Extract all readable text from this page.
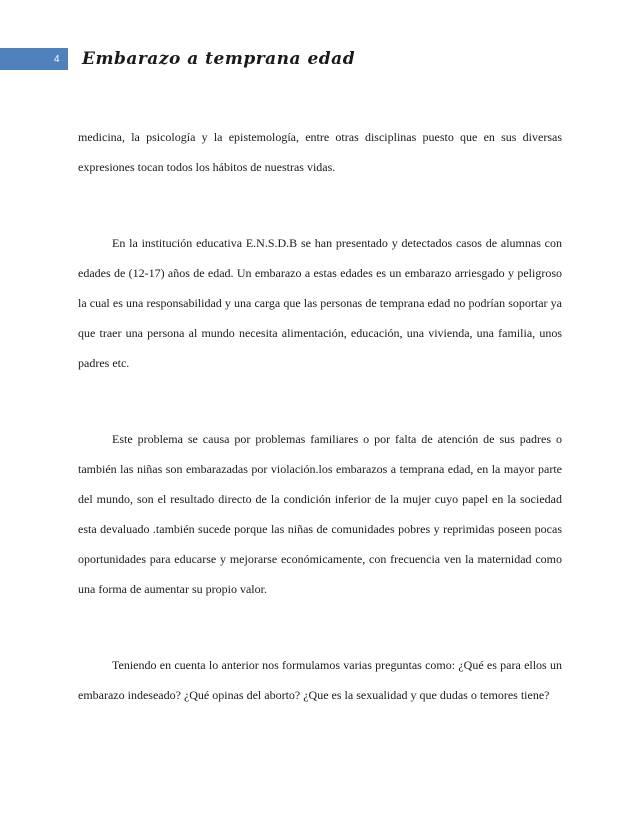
4 Embarazo a temprana edad

medicina, la psicología y la epistemología, entre otras disciplinas puesto que en sus diversas expresiones tocan todos los hábitos de nuestras vidas.

En la institución educativa E.N.S.D.B se han presentado y detectados casos de alumnas con edades de (12-17) años de edad. Un embarazo a estas edades es un embarazo arriesgado y peligroso la cual es una responsabilidad y una carga que las personas de temprana edad no podrían soportar ya que traer una persona al mundo necesita alimentación, educación, una vivienda, una familia, unos padres etc.

Este problema se causa por problemas familiares o por falta de atención de sus padres o también las niñas son embarazadas por violación.los embarazos a temprana edad, en la mayor parte del mundo, son el resultado directo de la condición inferior de la mujer cuyo papel en la sociedad esta devaluado .también sucede porque las niñas de comunidades pobres y reprimidas poseen pocas oportunidades para educarse y mejorarse económicamente, con frecuencia ven la maternidad como una forma de aumentar su propio valor.

Teniendo en cuenta lo anterior nos formulamos varias preguntas como: ¿Qué es para ellos un embarazo indeseado? ¿Qué opinas del aborto? ¿Que es la sexualidad y que dudas o temores tiene?
